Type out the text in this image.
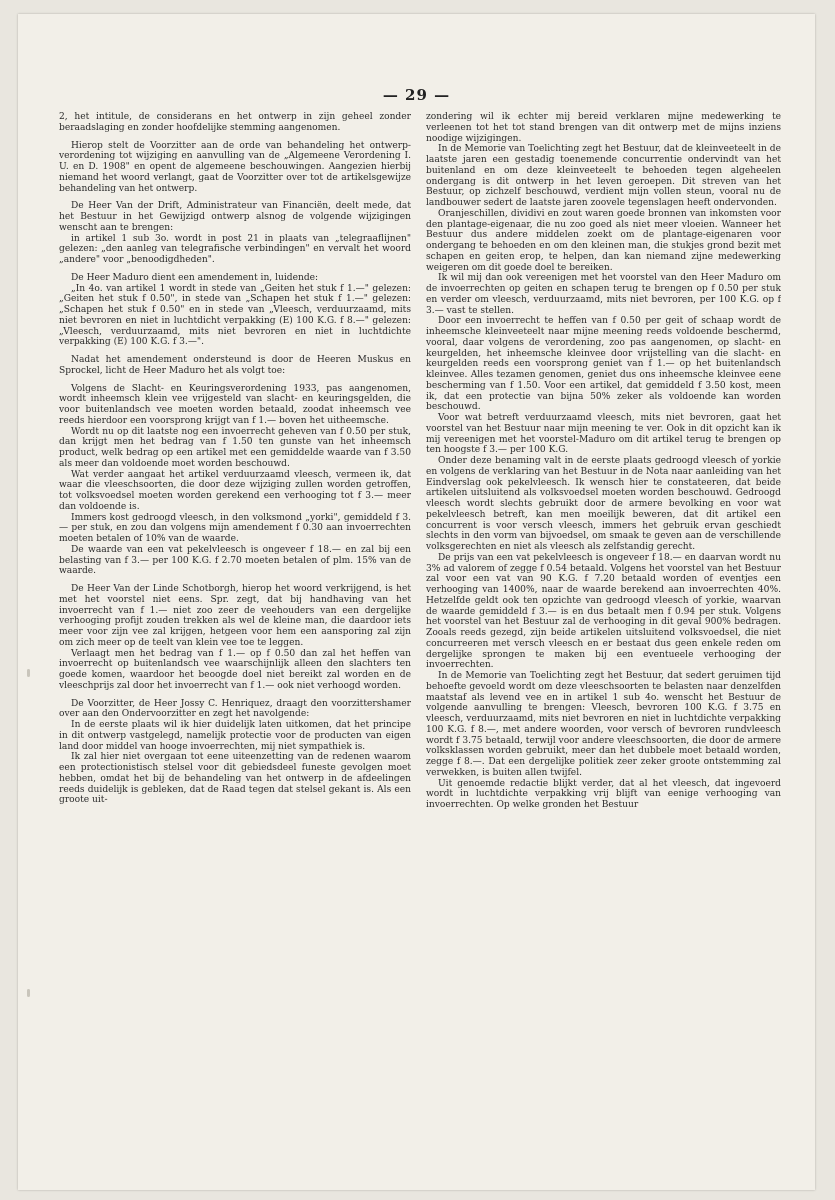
— 29 —

2, het intitule, de considerans en het ontwerp in zijn geheel zonder beraadslaging en zonder hoofdelijke stemming aangenomen.

Hierop stelt de Voorzitter aan de orde van behandeling het ontwerp-verordening tot wijziging en aanvulling van de „Algemeene Verordening I. U. en D. 1908" en opent de algemeene beschouwingen. Aangezien hierbij niemand het woord verlangt, gaat de Voorzitter over tot de artikelsgewijze behandeling van het ontwerp.

De Heer Van der Drift, Administrateur van Financiën, deelt mede, dat het Bestuur in het Gewijzigd ontwerp alsnog de volgende wijzigingen wenscht aan te brengen:

in artikel 1 sub 3o. wordt in post 21 in plaats van „telegraaflijnen" gelezen: „den aanleg van telegrafische verbindingen" en vervalt het woord „andere" voor „benoodigdheden".

De Heer Maduro dient een amendement in, luidende:

„In 4o. van artikel 1 wordt in stede van „Geiten het stuk f 1.—" gelezen: „Geiten het stuk f 0.50", in stede van „Schapen het stuk f 1.—" gelezen: „Schapen het stuk f 0.50" en in stede van „Vleesch, verduurzaamd, mits niet bevroren en niet in luchtdicht verpakking (E) 100 K.G. f 8.—" gelezen: „Vleesch, verduurzaamd, mits niet bevroren en niet in luchtdichte verpakking (E) 100 K.G. f 3.—".

Nadat het amendement ondersteund is door de Heeren Muskus en Sprockel, licht de Heer Maduro het als volgt toe:

Volgens de Slacht- en Keuringsverordening 1933, pas aangenomen, wordt inheemsch klein vee vrijgesteld van slacht- en keuringsgelden, die voor buitenlandsch vee moeten worden betaald, zoodat inheemsch vee reeds hierdoor een voorsprong krijgt van f 1.— boven het uitheemsche.

Wordt nu op dit laatste nog een invoerrecht geheven van f 0.50 per stuk, dan krijgt men het bedrag van f 1.50 ten gunste van het inheemsch product, welk bedrag op een artikel met een gemiddelde waarde van f 3.50 als meer dan voldoende moet worden beschouwd.

Wat verder aangaat het artikel verduurzaamd vleesch, vermeen ik, dat waar die vleeschsoorten, die door deze wijziging zullen worden getroffen, tot volksvoedsel moeten worden gerekend een verhooging tot f 3.— meer dan voldoende is.

Immers kost gedroogd vleesch, in den volksmond „yorki", gemiddeld f 3.— per stuk, en zou dan volgens mijn amendement f 0.30 aan invoerrechten moeten betalen of 10% van de waarde.

De waarde van een vat pekelvleesch is ongeveer f 18.— en zal bij een belasting van f 3.— per 100 K.G. f 2.70 moeten betalen of plm. 15% van de waarde.

De Heer Van der Linde Schotborgh, hierop het woord verkrijgend, is het met het voorstel niet eens. Spr. zegt, dat bij handhaving van het invoerrecht van f 1.— niet zoo zeer de veehouders van een dergelijke verhooging profijt zouden trekken als wel de kleine man, die daardoor iets meer voor zijn vee zal krijgen, hetgeen voor hem een aansporing zal zijn om zich meer op de teelt van klein vee toe te leggen.

Verlaagt men het bedrag van f 1.— op f 0.50 dan zal het heffen van invoerrecht op buitenlandsch vee waarschijnlijk alleen den slachters ten goede komen, waardoor het beoogde doel niet bereikt zal worden en de vleeschprijs zal door het invoerrecht van f 1.— ook niet verhoogd worden.

De Voorzitter, de Heer Jossy C. Henriquez, draagt den voorzittershamer over aan den Ondervoorzitter en zegt het navolgende:

In de eerste plaats wil ik hier duidelijk laten uitkomen, dat het principe in dit ontwerp vastgelegd, namelijk protectie voor de producten van eigen land door middel van hooge invoerrechten, mij niet sympathiek is.

Ik zal hier niet overgaan tot eene uiteenzetting van de redenen waarom een protectionistisch stelsel voor dit gebiedsdeel funeste gevolgen moet hebben, omdat het bij de behandeling van het ontwerp in de afdeelingen reeds duidelijk is gebleken, dat de Raad tegen dat stelsel gekant is. Als een groote uit-

zondering wil ik echter mij bereid verklaren mijne medewerking te verleenen tot het tot stand brengen van dit ontwerp met de mijns inziens noodige wijzigingen.

In de Memorie van Toelichting zegt het Bestuur, dat de kleinveeteelt in de laatste jaren een gestadig toenemende concurrentie ondervindt van het buitenland en om deze kleinveeteelt te behoeden tegen algeheelen ondergang is dit ontwerp in het leven geroepen. Dit streven van het Bestuur, op zichzelf beschouwd, verdient mijn vollen steun, vooral nu de landbouwer sedert de laatste jaren zoovele tegenslagen heeft ondervonden.

Oranjeschillen, dividivi en zout waren goede bronnen van inkomsten voor den plantage-eigenaar, die nu zoo goed als niet meer vloeien. Wanneer het Bestuur dus andere middelen zoekt om de plantage-eigenaren voor ondergang te behoeden en om den kleinen man, die stukjes grond bezit met schapen en geiten erop, te helpen, dan kan niemand zijne medewerking weigeren om dit goede doel te bereiken.

Ik wil mij dan ook vereenigen met het voorstel van den Heer Maduro om de invoerrechten op geiten en schapen terug te brengen op f 0.50 per stuk en verder om vleesch, verduurzaamd, mits niet bevroren, per 100 K.G. op f 3.— vast te stellen.

Door een invoerrecht te heffen van f 0.50 per geit of schaap wordt de inheemsche kleinveeteelt naar mijne meening reeds voldoende beschermd, vooral, daar volgens de verordening, zoo pas aangenomen, op slacht- en keurgelden, het inheemsche kleinvee door vrijstelling van die slacht- en keurgelden reeds een voorsprong geniet van f 1.— op het buitenlandsch kleinvee. Alles tezamen genomen, geniet dus ons inheemsche kleinvee eene bescherming van f 1.50. Voor een artikel, dat gemiddeld f 3.50 kost, meen ik, dat een protectie van bijna 50% zeker als voldoende kan worden beschouwd.

Voor wat betreft verduurzaamd vleesch, mits niet bevroren, gaat het voorstel van het Bestuur naar mijn meening te ver. Ook in dit opzicht kan ik mij vereenigen met het voorstel-Maduro om dit artikel terug te brengen op ten hoogste f 3.— per 100 K.G.

Onder deze benaming valt in de eerste plaats gedroogd vleesch of yorkie en volgens de verklaring van het Bestuur in de Nota naar aanleiding van het Eindverslag ook pekelvleesch. Ik wensch hier te constateeren, dat beide artikelen uitsluitend als volksvoedsel moeten worden beschouwd. Gedroogd vleesch wordt slechts gebruikt door de armere bevolking en voor wat pekelvleesch betreft, kan men moeilijk beweren, dat dit artikel een concurrent is voor versch vleesch, immers het gebruik ervan geschiedt slechts in den vorm van bijvoedsel, om smaak te geven aan de verschillende volksgerechten en niet als vleesch als zelfstandig gerecht.

De prijs van een vat pekelvleesch is ongeveer f 18.— en daarvan wordt nu 3% ad valorem of zegge f 0.54 betaald. Volgens het voorstel van het Bestuur zal voor een vat van 90 K.G. f 7.20 betaald worden of eventjes een verhooging van 1400%, naar de waarde berekend aan invoerrechten 40%. Hetzelfde geldt ook ten opzichte van gedroogd vleesch of yorkie, waarvan de waarde gemiddeld f 3.— is en dus betaalt men f 0.94 per stuk. Volgens het voorstel van het Bestuur zal de verhooging in dit geval 900% bedragen. Zooals reeds gezegd, zijn beide artikelen uitsluitend volksvoedsel, die niet concurreeren met versch vleesch en er bestaat dus geen enkele reden om dergelijke sprongen te maken bij een eventueele verhooging der invoerrechten.

In de Memorie van Toelichting zegt het Bestuur, dat sedert geruimen tijd behoefte gevoeld wordt om deze vleeschsoorten te belasten naar denzelfden maatstaf als levend vee en in artikel 1 sub 4o. wenscht het Bestuur de volgende aanvulling te brengen: Vleesch, bevroren 100 K.G. f 3.75 en vleesch, verduurzaamd, mits niet bevroren en niet in luchtdichte verpakking 100 K.G. f 8.—, met andere woorden, voor versch of bevroren rundvleesch wordt f 3.75 betaald, terwijl voor andere vleeschsoorten, die door de armere volksklassen worden gebruikt, meer dan het dubbele moet betaald worden, zegge f 8.—. Dat een dergelijke politiek zeer zeker groote ontstemming zal verwekken, is buiten allen twijfel.

Uit genoemde redactie blijkt verder, dat al het vleesch, dat ingevoerd wordt in luchtdichte verpakking vrij blijft van eenige verhooging van invoerrechten. Op welke gronden het Bestuur
